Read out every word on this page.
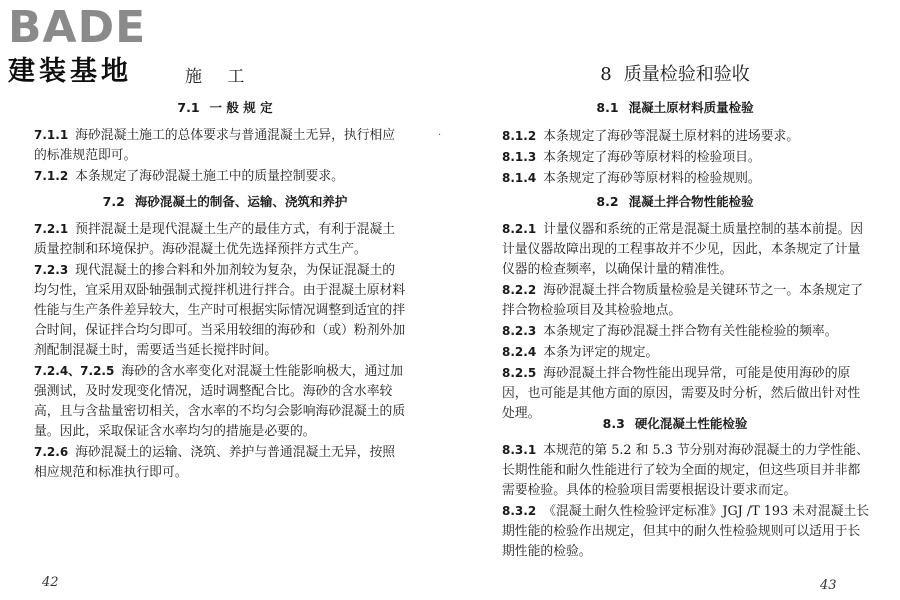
BADE
建装基地	施 工
7.1 一 般 规 定

7.1.1 海砂混凝土施工的总体要求与普通混凝土无异，执行相应的标准规范即可。

7.1.2 本条规定了海砂混凝土施工中的质量控制要求。

7.2 海砂混凝土的制备、运输、浇筑和养护

7.2.1 预拌混凝土是现代混凝土生产的最佳方式，有利于混凝土质量控制和环境保护。海砂混凝土优先选择预拌方式生产。

7.2.3 现代混凝土的掺合料和外加剂较为复杂，为保证混凝土的均匀性，宜采用双卧轴强制式搅拌机进行拌合。由于混凝土原材料性能与生产条件差异较大，生产时可根据实际情况调整到适宜的拌合时间，保证拌合均匀即可。当采用较细的海砂和（或）粉剂外加剂配制混凝土时，需要适当延长搅拌时间。

7.2.4、7.2.5 海砂的含水率变化对混凝土性能影响极大，通过加强测试，及时发现变化情况，适时调整配合比。海砂的含水率较高，且与含盐量密切相关，含水率的不均匀会影响海砂混凝土的质量。因此，采取保证含水率均匀的措施是必要的。

7.2.6 海砂混凝土的运输、浇筑、养护与普通混凝土无异，按照相应规范和标准执行即可。

42
·
8 质量检验和验收
8.1 混凝土原材料质量检验

8.1.2 本条规定了海砂等混凝土原材料的进场要求。

8.1.3 本条规定了海砂等原材料的检验项目。

8.1.4 本条规定了海砂等原材料的检验规则。

8.2 混凝土拌合物性能检验

8.2.1 计量仪器和系统的正常是混凝土质量控制的基本前提。因计量仪器故障出现的工程事故并不少见，因此，本条规定了计量仪器的检查频率，以确保计量的精准性。

8.2.2 海砂混凝土拌合物质量检验是关键环节之一。本条规定了拌合物检验项目及其检验地点。

8.2.3 本条规定了海砂混凝土拌合物有关性能检验的频率。

8.2.4 本条为评定的规定。

8.2.5 海砂混凝土拌合物性能出现异常，可能是使用海砂的原因，也可能是其他方面的原因，需要及时分析，然后做出针对性处理。

8.3 硬化混凝土性能检验

8.3.1 本规范的第 5.2 和 5.3 节分别对海砂混凝土的力学性能、长期性能和耐久性能进行了较为全面的规定，但这些项目并非都需要检验。具体的检验项目需要根据设计要求而定。

8.3.2 《混凝土耐久性检验评定标准》JGJ /T 193 未对混凝土长期性能的检验作出规定，但其中的耐久性检验规则可以适用于长期性能的检验。

43
